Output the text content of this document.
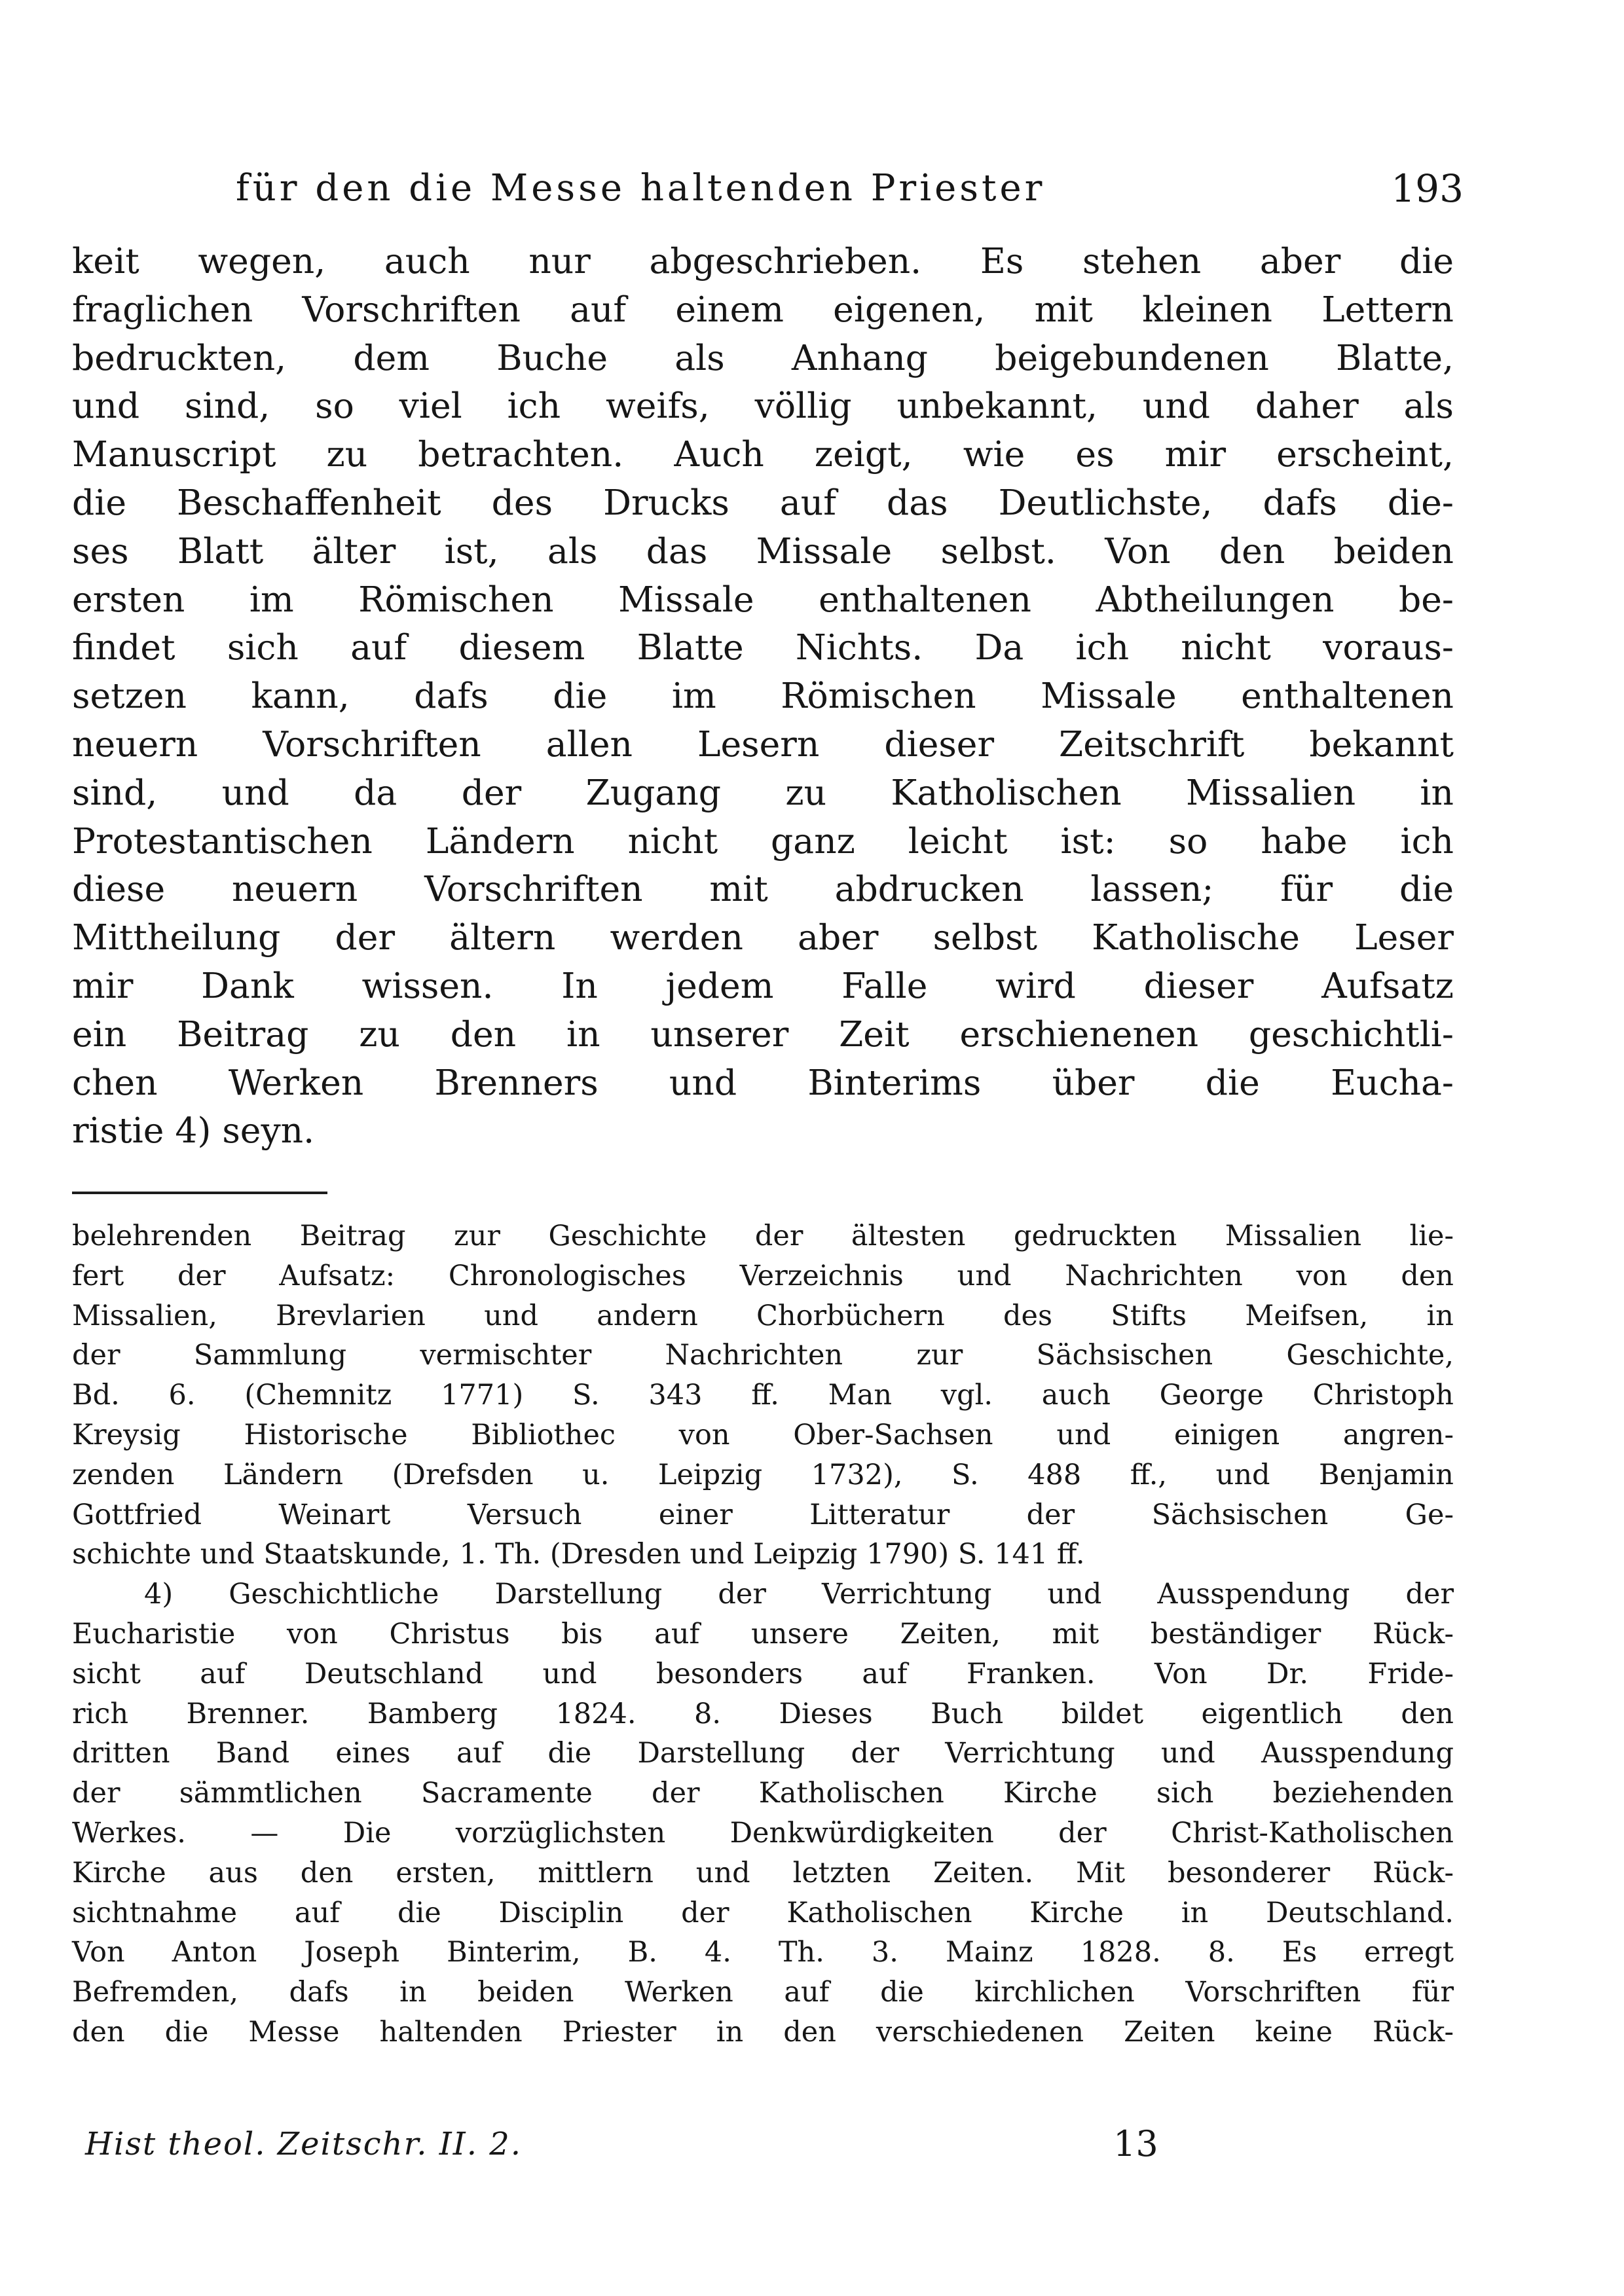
für den die Messe haltenden Priester	193
keit wegen, auch nur abgeschrieben. Es stehen aber die
fraglichen Vorschriften auf einem eigenen, mit kleinen Lettern
bedruckten, dem Buche als Anhang beigebundenen Blatte,
und sind, so viel ich weifs, völlig unbekannt, und daher als
Manuscript zu betrachten. Auch zeigt, wie es mir erscheint,
die Beschaffenheit des Drucks auf das Deutlichste, dafs die-
ses Blatt älter ist, als das Missale selbst. Von den beiden
ersten im Römischen Missale enthaltenen Abtheilungen be-
findet sich auf diesem Blatte Nichts. Da ich nicht voraus-
setzen kann, dafs die im Römischen Missale enthaltenen
neuern Vorschriften allen Lesern dieser Zeitschrift bekannt
sind, und da der Zugang zu Katholischen Missalien in
Protestantischen Ländern nicht ganz leicht ist: so habe ich
diese neuern Vorschriften mit abdrucken lassen; für die
Mittheilung der ältern werden aber selbst Katholische Leser
mir Dank wissen. In jedem Falle wird dieser Aufsatz
ein Beitrag zu den in unserer Zeit erschienenen geschichtli-
chen Werken Brenners und Binterims über die Eucha-
ristie 4) seyn.
belehrenden Beitrag zur Geschichte der ältesten gedruckten Missalien lie-
fert der Aufsatz: Chronologisches Verzeichnis und Nachrichten von den
Missalien, Brevlarien und andern Chorbüchern des Stifts Meifsen, in
der Sammlung vermischter Nachrichten zur Sächsischen Geschichte,
Bd. 6. (Chemnitz 1771) S. 343 ff. Man vgl. auch George Christoph
Kreysig Historische Bibliothec von Ober-Sachsen und einigen angren-
zenden Ländern (Drefsden u. Leipzig 1732), S. 488 ff., und Benjamin
Gottfried Weinart Versuch einer Litteratur der Sächsischen Ge-
schichte und Staatskunde, 1. Th. (Dresden und Leipzig 1790) S. 141 ff.
4) Geschichtliche Darstellung der Verrichtung und Ausspendung der
Eucharistie von Christus bis auf unsere Zeiten, mit beständiger Rück-
sicht auf Deutschland und besonders auf Franken. Von Dr. Fride-
rich Brenner. Bamberg 1824. 8. Dieses Buch bildet eigentlich den
dritten Band eines auf die Darstellung der Verrichtung und Ausspendung
der sämmtlichen Sacramente der Katholischen Kirche sich beziehenden
Werkes. — Die vorzüglichsten Denkwürdigkeiten der Christ-Katholischen
Kirche aus den ersten, mittlern und letzten Zeiten. Mit besonderer Rück-
sichtnahme auf die Disciplin der Katholischen Kirche in Deutschland.
Von Anton Joseph Binterim, B. 4. Th. 3. Mainz 1828. 8. Es erregt
Befremden, dafs in beiden Werken auf die kirchlichen Vorschriften für
den die Messe haltenden Priester in den verschiedenen Zeiten keine Rück-
Hist theol. Zeitschr. II. 2.	13
